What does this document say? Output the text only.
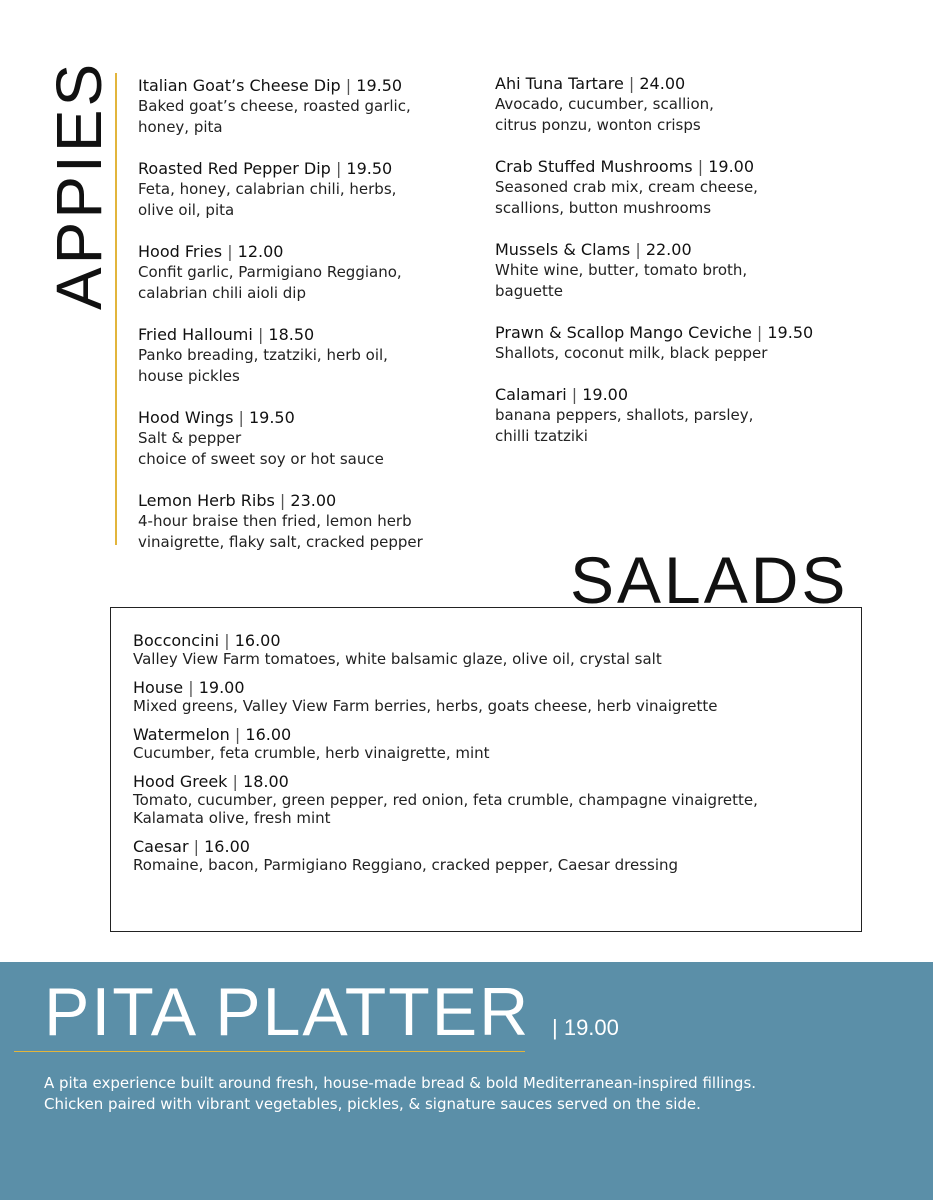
APPIES Italian Goat’s Cheese Dip | 19.50
Baked goat’s cheese, roasted garlic,
honey, pita
Roasted Red Pepper Dip | 19.50
Feta, honey, calabrian chili, herbs,
olive oil, pita
Hood Fries | 12.00
Confit garlic, Parmigiano Reggiano,
calabrian chili aioli dip
Fried Halloumi | 18.50
Panko breading, tzatziki, herb oil,
house pickles
Hood Wings | 19.50
Salt & pepper
choice of sweet soy or hot sauce
Lemon Herb Ribs | 23.00
4-hour braise then fried, lemon herb
vinaigrette, flaky salt, cracked pepper
Ahi Tuna Tartare | 24.00
Avocado, cucumber, scallion,
citrus ponzu, wonton crisps
Crab Stuffed Mushrooms | 19.00
Seasoned crab mix, cream cheese,
scallions, button mushrooms
Mussels & Clams | 22.00
White wine, butter, tomato broth,
baguette
Prawn & Scallop Mango Ceviche | 19.50
Shallots, coconut milk, black pepper
Calamari | 19.00
banana peppers, shallots, parsley,
chilli tzatziki
SALADS
Bocconcini | 16.00
Valley View Farm tomatoes, white balsamic glaze, olive oil, crystal salt
House | 19.00
Mixed greens, Valley View Farm berries, herbs, goats cheese, herb vinaigrette
Watermelon | 16.00
Cucumber, feta crumble, herb vinaigrette, mint
Hood Greek | 18.00
Tomato, cucumber, green pepper, red onion, feta crumble, champagne vinaigrette,
Kalamata olive, fresh mint
Caesar | 16.00
Romaine, bacon, Parmigiano Reggiano, cracked pepper, Caesar dressing
PITA PLATTER | 19.00
A pita experience built around fresh, house-made bread & bold Mediterranean-inspired fillings.
Chicken paired with vibrant vegetables, pickles, & signature sauces served on the side.
